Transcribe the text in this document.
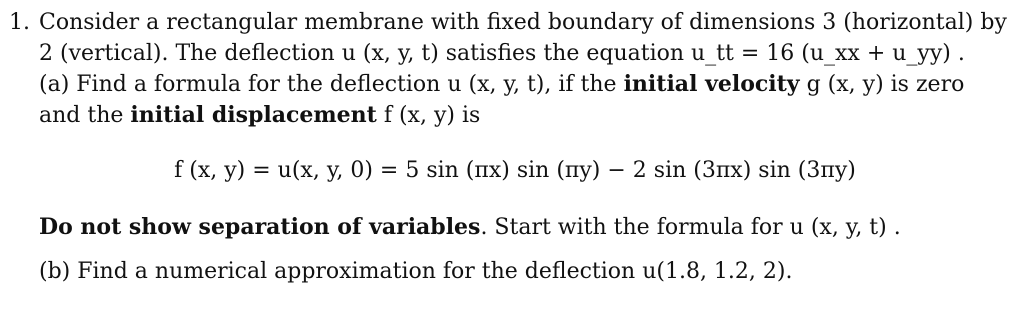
1. Consider a rectangular membrane with fixed boundary of dimensions 3 (horizontal) by
2 (vertical). The deflection u (x, y, t) satisfies the equation u_tt = 16 (u_xx + u_yy) .
(a) Find a formula for the deflection u (x, y, t), if the initial velocity g (x, y) is zero
and the initial displacement f (x, y) is
f (x, y) = u(x, y, 0) = 5 sin (πx) sin (πy) − 2 sin (3πx) sin (3πy)
Do not show separation of variables. Start with the formula for u (x, y, t) .
(b) Find a numerical approximation for the deflection u(1.8, 1.2, 2).
